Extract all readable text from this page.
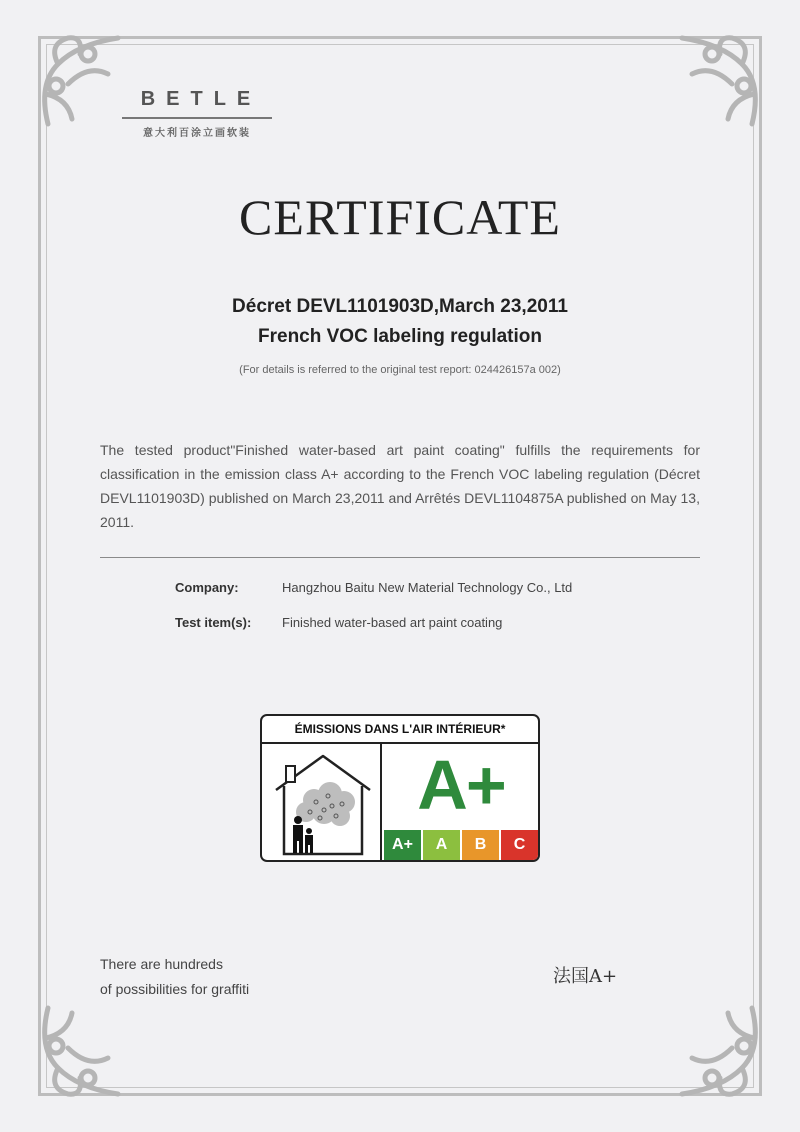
BETLE
意大利百涂立画软装
CERTIFICATE
Décret DEVL1101903D,March 23,2011
French VOC labeling regulation
(For details is referred to the original test report: 024426157a 002)
The tested product"Finished water-based art paint coating" fulfills the requirements for classification in the emission class A+ according to the French VOC labeling regulation (Décret DEVL1101903D) published on March 23,2011 and Arrêtés DEVL1104875A published on May 13, 2011.
Company:	Hangzhou Baitu New Material Technology Co., Ltd
Test item(s): Finished water-based art paint coating
ÉMISSIONS DANS L'AIR INTÉRIEUR*
A+
A+	A	B	C
There are hundreds
of possibilities for graffiti
法国A+
